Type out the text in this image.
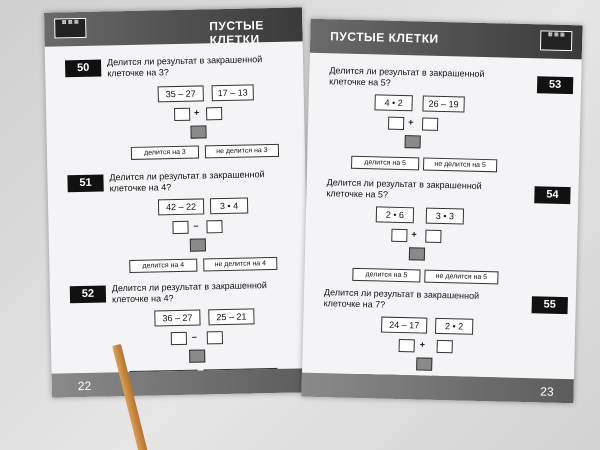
▦ ▦ ▦	ПУСТЫЕ КЛЕТКИ
50
Делится ли результат в закрашенной клеточке на 3?
35 – 27	17 – 13
+
делится на 3	не делится на 3
51
Делится ли результат в закрашенной клеточке на 4?
42 – 22	3 • 4
–
делится на 4	не делится на 4
52
Делится ли результат в закрашенной клеточке на 4?
36 – 27	25 – 21
–
22
ПУСТЫЕ КЛЕТКИ	▦ ▦ ▦
Делится ли результат в закрашенной клеточке на 5?	53
4 • 2	26 – 19
+
делится на 5	не делится на 5
Делится ли результат в закрашенной клеточке на 5?	54
2 • 6	3 • 3
+
делится на 5	не делится на 5
Делится ли результат в закрашенной клеточке на 7?	55
24 – 17	2 • 2
+
23
